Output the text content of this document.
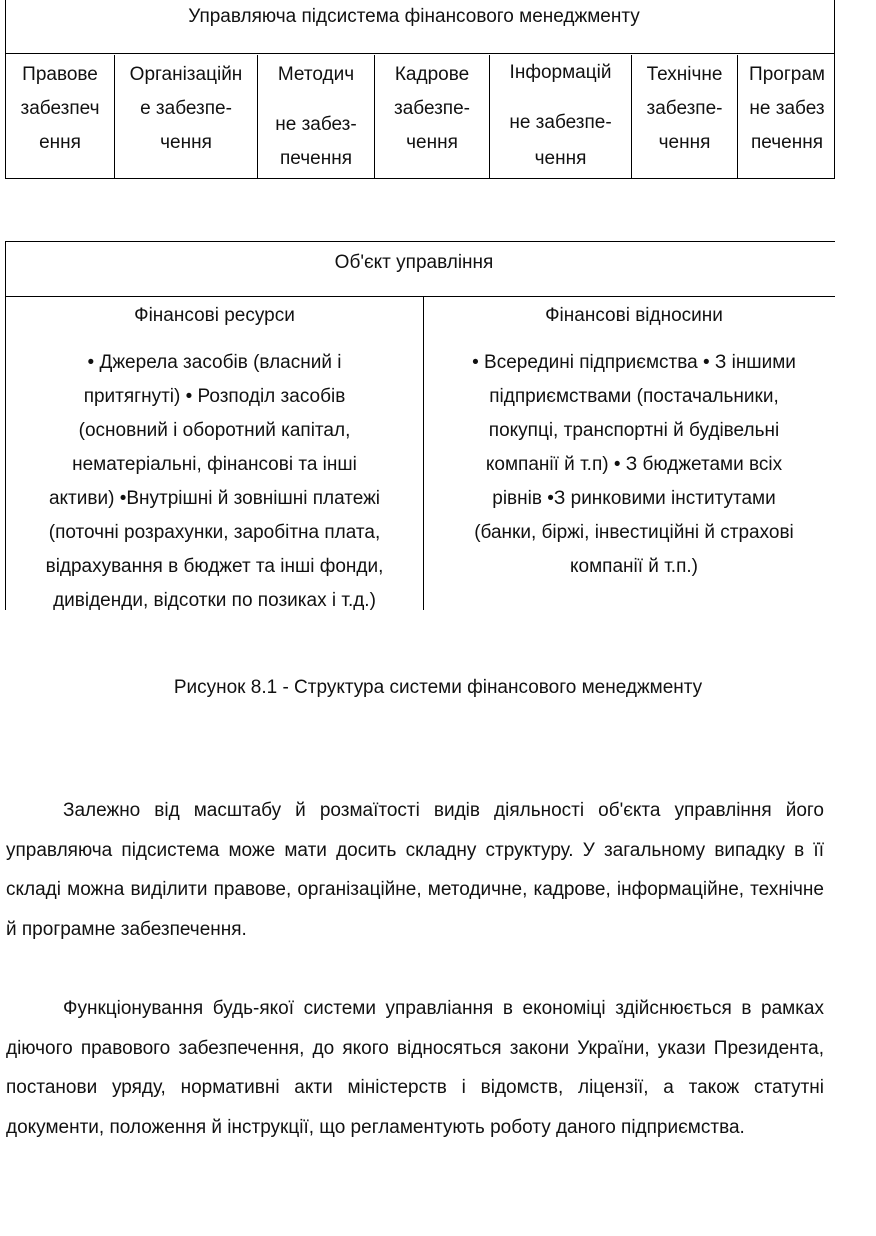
Управляюча підсистема фінансового менеджменту
Правове
забезпеч
ення
Організаційн
е забезпе-
чення
Методич
не забез-
печення
Кадрове
забезпе-
чення
Інформацій
не забезпе-
чення
Технічне
забезпе-
чення
Програм
не забез
печення
Об'єкт управління
Фінансові ресурси
• Джерела засобів (власний і
притягнуті) • Розподіл засобів
(основний і оборотний капітал,
нематеріальні, фінансові та інші
активи) •Внутрішні й зовнішні платежі
(поточні розрахунки, заробітна плата,
відрахування в бюджет та інші фонди,
дивіденди, відсотки по позиках і т.д.)
Фінансові відносини
• Всередині підприємства • З іншими
підприємствами (постачальники,
покупці, транспортні й будівельні
компанії й т.п) • З бюджетами всіх
рівнів •З ринковими інститутами
(банки, біржі, інвестиційні й страхові
компанії й т.п.)
Рисунок 8.1 - Структура системи фінансового менеджменту

Залежно від масштабу й розмаїтості видів діяльності об'єкта управління його управляюча підсистема може мати досить складну структуру. У загальному випадку в її складі можна виділити правове, організаційне, методичне, кадрове, інформаційне, технічне й програмне забезпечення.

Функціонування будь-якої системи управліання в економіці здійснюється в рамках діючого правового забезпечення, до якого відносяться закони України, укази Президента, постанови уряду, нормативні акти міністерств і відомств, ліцензії, а також статутні документи, положення й інструкції, що регламентують роботу даного підприємства.
